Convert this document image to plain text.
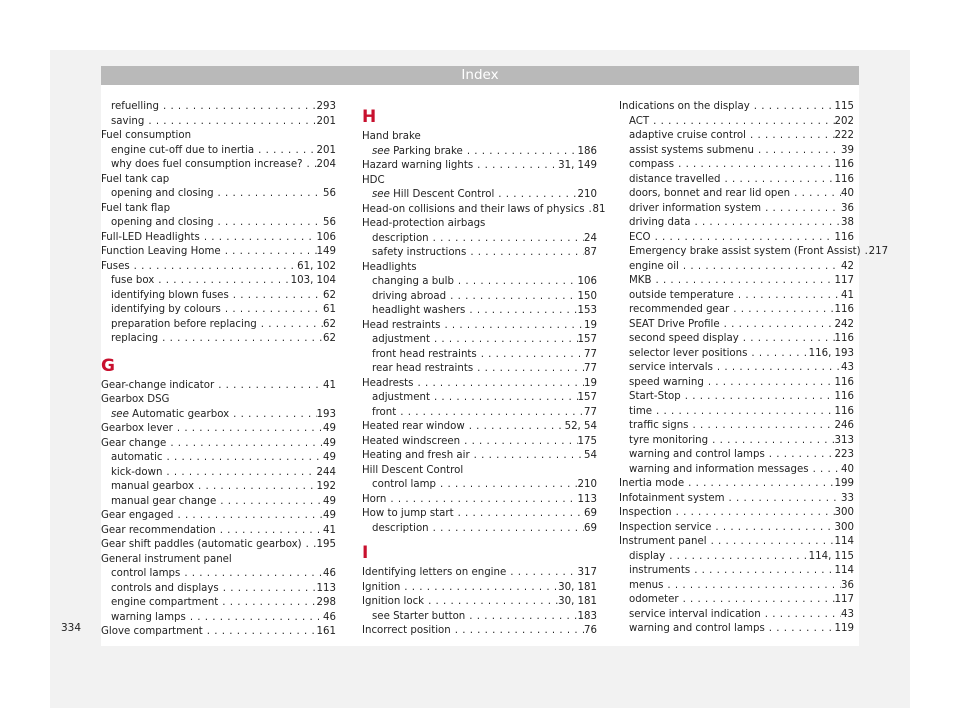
Index
refuelling . . .	293
saving . . .	201
Fuel consumption
engine cut-off due to inertia . . .	201
why does fuel consumption increase? . . . 204
Fuel tank cap
opening and closing . . .	56
Fuel tank flap
opening and closing . . .	56
Full-LED Headlights . . .	106
Function Leaving Home . . .	149
Fuses . . .	61, 102
fuse box . . .	103, 104
identifying blown fuses . . .	62
identifying by colours . . .	61
preparation before replacing . . .	62
replacing . . .	62
G
Gear-change indicator . . .	41
Gearbox DSG
see Automatic gearbox . . .	193
Gearbox lever . . .	49
Gear change . . .	49
automatic . . .	49
kick-down . . .	244
manual gearbox . . .	192
manual gear change . . .	49
Gear engaged . . .	49
Gear recommendation . . .	41
Gear shift paddles (automatic gearbox) . . . 195
General instrument panel
control lamps . . .	46
controls and displays . . .	113
engine compartment . . .	298
warning lamps . . .	46
Glove compartment . . .	161
H
Hand brake
see Parking brake . . .	186
Hazard warning lights . . .	31, 149
HDC
see Hill Descent Control . . .	210
Head-on collisions and their laws of physics . . . 81
Head-protection airbags
description . . .	24
safety instructions . . .	87
Headlights
changing a bulb . . .	106
driving abroad . . .	150
headlight washers . . .	153
Head restraints . . .	19
adjustment . . .	157
front head restraints . . .	77
rear head restraints . . .	77
Headrests . . .	19
adjustment . . .	157
front . . .	77
Heated rear window . . .	52, 54
Heated windscreen . . .	175
Heating and fresh air . . .	54
Hill Descent Control
control lamp . . .	210
Horn . . .	113
How to jump start . . .	69
description . . .	69
I
Identifying letters on engine . . .	317
Ignition . . .	30, 181
Ignition lock . . .	30, 181
see Starter button . . .	183
Incorrect position . . .	76
Indications on the display . . .	115
ACT . . .	202
adaptive cruise control . . .	222
assist systems submenu . . .	39
compass . . .	116
distance travelled . . .	116
doors, bonnet and rear lid open . . .	40
driver information system . . .	36
driving data . . .	38
ECO . . .	116
Emergency brake assist system (Front Assist) . . . 217
engine oil . . .	42
MKB . . .	117
outside temperature . . .	41
recommended gear . . .	116
SEAT Drive Profile . . .	242
second speed display . . .	116
selector lever positions . . .	116, 193
service intervals . . .	43
speed warning . . .	116
Start-Stop . . .	116
time . . .	116
traffic signs . . .	246
tyre monitoring . . .	313
warning and control lamps . . .	223
warning and information messages . . .	40
Inertia mode . . .	199
Infotainment system . . .	33
Inspection . . .	300
Inspection service . . .	300
Instrument panel . . .	114
display . . .	114, 115
instruments . . .	114
menus . . .	36
odometer . . .	117
service interval indication . . .	43
warning and control lamps . . .	119
334
